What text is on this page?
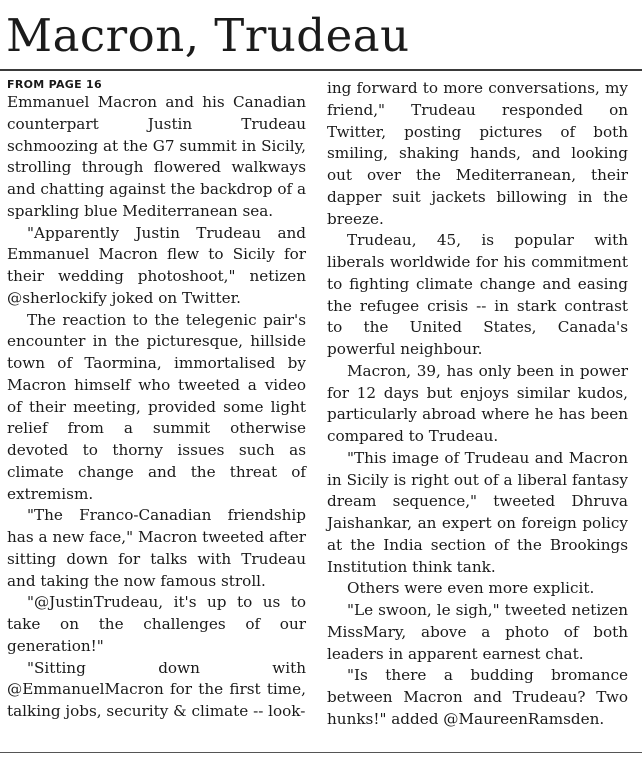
Macron, Trudeau
FROM PAGE 16

Emmanuel Macron and his Canadian counterpart Justin Trudeau schmoozing at the G7 summit in Sicily, strolling through flowered walkways and chatting against the backdrop of a sparkling blue Mediterranean sea.

"Apparently Justin Trudeau and Emmanuel Macron flew to Sicily for their wedding photoshoot," netizen @sherlockify joked on Twitter.

The reaction to the telegenic pair's encounter in the picturesque, hillside town of Taormina, immortalised by Macron himself who tweeted a video of their meeting, provided some light relief from a summit otherwise devoted to thorny issues such as climate change and the threat of extremism.

"The Franco-Canadian friendship has a new face," Macron tweeted after sitting down for talks with Trudeau and taking the now famous stroll.

"@JustinTrudeau, it's up to us to take on the challenges of our generation!"

"Sitting down with @EmmanuelMacron for the first time, talking jobs, security & climate -- look-

ing forward to more conversations, my friend," Trudeau responded on Twitter, posting pictures of both smiling, shaking hands, and looking out over the Mediterranean, their dapper suit jackets billowing in the breeze.

Trudeau, 45, is popular with liberals worldwide for his commitment to fighting climate change and easing the refugee crisis -- in stark contrast to the United States, Canada's powerful neighbour.

Macron, 39, has only been in power for 12 days but enjoys similar kudos, particularly abroad where he has been compared to Trudeau.

"This image of Trudeau and Macron in Sicily is right out of a liberal fantasy dream sequence," tweeted Dhruva Jaishankar, an expert on foreign policy at the India section of the Brookings Institution think tank.

Others were even more explicit.

"Le swoon, le sigh," tweeted netizen MissMary, above a photo of both leaders in apparent earnest chat.

"Is there a budding bromance between Macron and Trudeau? Two hunks!" added @MaureenRamsden.
